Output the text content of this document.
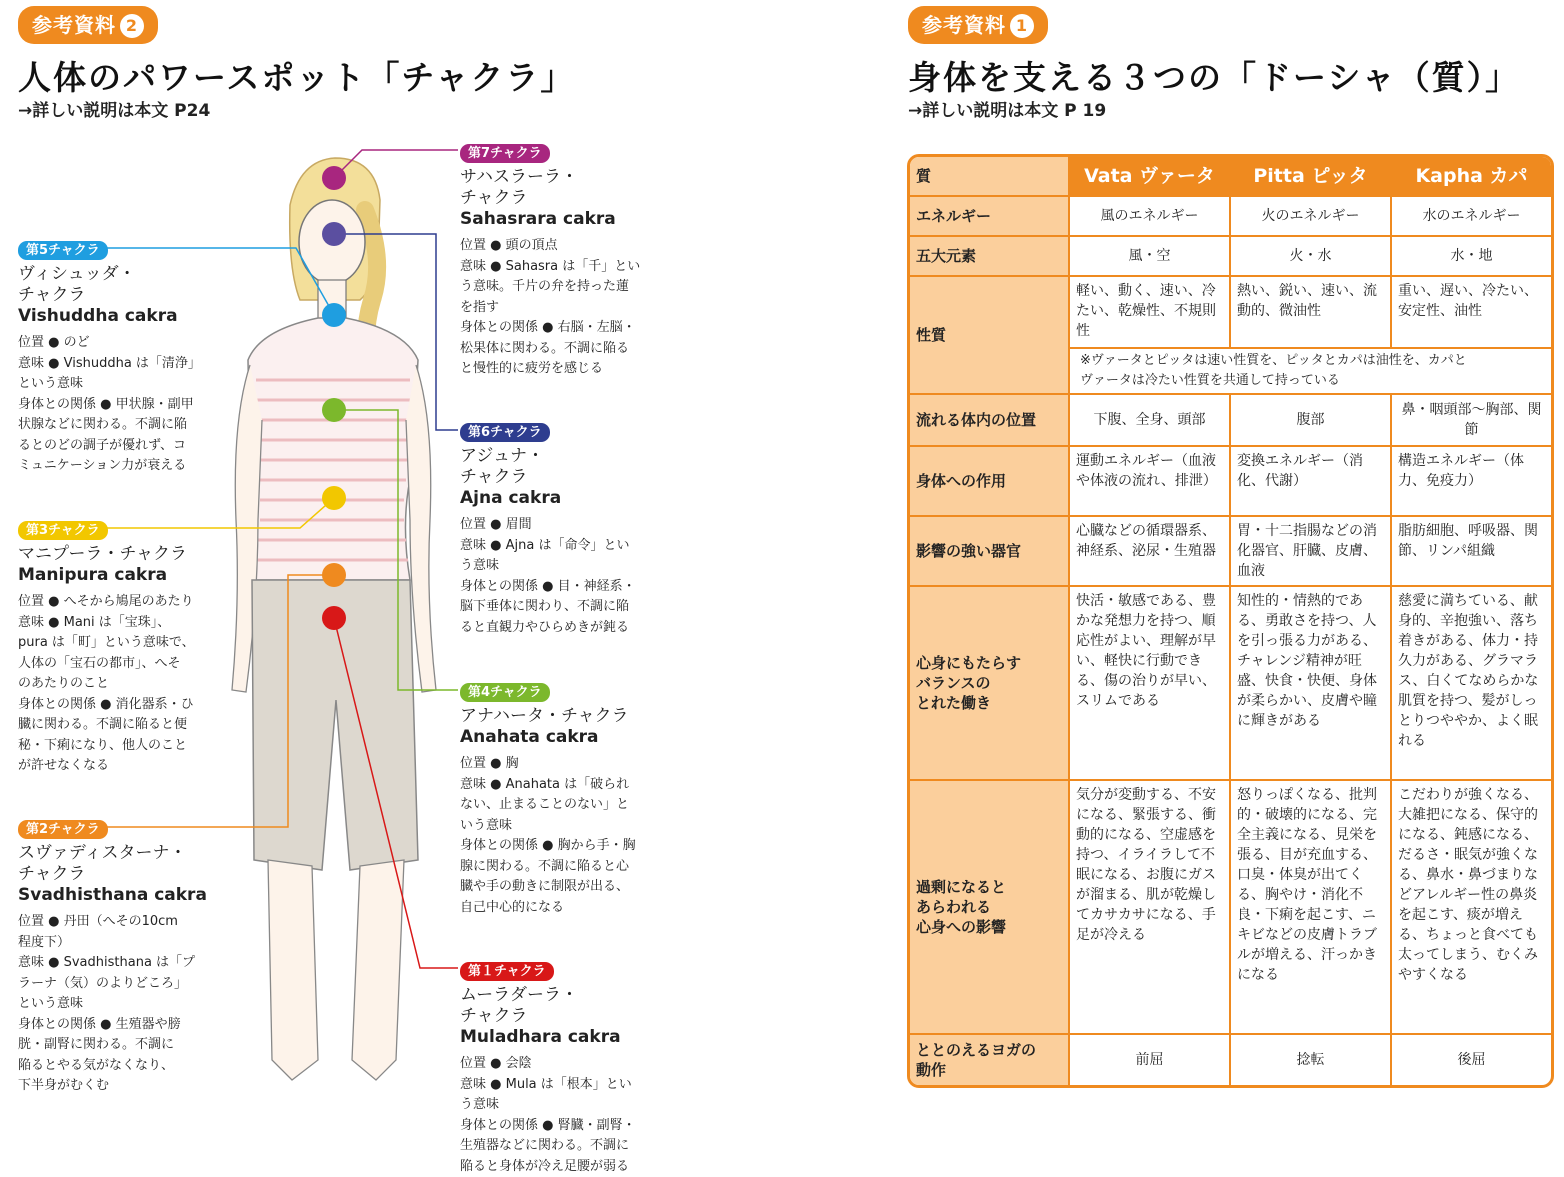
参考資料 2
人体のパワースポット「チャクラ」
→詳しい説明は本文 P24
第7チャクラ
サハスラーラ・
チャクラ
Sahasrara cakra
位置 ● 頭の頂点
意味 ● Sahasra は「千」とい
う意味。千片の弁を持った蓮
を指す
身体との関係 ● 右脳・左脳・
松果体に関わる。不調に陥る
と慢性的に疲労を感じる
第6チャクラ
アジュナ・
チャクラ
Ajna cakra
位置 ● 眉間
意味 ● Ajna は「命令」とい
う意味
身体との関係 ● 目・神経系・
脳下垂体に関わり、不調に陥
ると直観力やひらめきが鈍る
第5チャクラ
ヴィシュッダ・
チャクラ
Vishuddha cakra
位置 ● のど
意味 ● Vishuddha は「清浄」
という意味
身体との関係 ● 甲状腺・副甲
状腺などに関わる。不調に陥
るとのどの調子が優れず、コ
ミュニケーション力が衰える
第4チャクラ
アナハータ・チャクラ
Anahata cakra
位置 ● 胸
意味 ● Anahata は「破られ
ない、止まることのない」と
いう意味
身体との関係 ● 胸から手・胸
腺に関わる。不調に陥ると心
臓や手の動きに制限が出る、
自己中心的になる
第3チャクラ
マニプーラ・チャクラ
Manipura cakra
位置 ● へそから鳩尾のあたり
意味 ● Mani は「宝珠」、
pura は「町」という意味で、
人体の「宝石の都市」、へそ
のあたりのこと
身体との関係 ● 消化器系・ひ
臓に関わる。不調に陥ると便
秘・下痢になり、他人のこと
が許せなくなる
第2チャクラ
スヴァディスターナ・
チャクラ
Svadhisthana cakra
位置 ● 丹田（へその10cm
程度下）
意味 ● Svadhisthana は「プ
ラーナ（気）のよりどころ」
という意味
身体との関係 ● 生殖器や膀
胱・副腎に関わる。不調に
陥るとやる気がなくなり、
下半身がむくむ
第１チャクラ
ムーラダーラ・
チャクラ
Muladhara cakra
位置 ● 会陰
意味 ● Mula は「根本」とい
う意味
身体との関係 ● 腎臓・副腎・
生殖器などに関わる。不調に
陥ると身体が冷え足腰が弱る
参考資料 1
身体を支える３つの「ドーシャ（質）」
→詳しい説明は本文 P 19
質	Vata ヴァータ	Pitta ピッタ	Kapha カパ
エネルギー	風のエネルギー	火のエネルギー	水のエネルギー
五大元素	風・空	火・水	水・地
性質	軽い、動く、速い、冷たい、乾燥性、不規則性	熱い、鋭い、速い、流動的、微油性	重い、遅い、冷たい、安定性、油性
	※ヴァータとピッタは速い性質を、ピッタとカパは油性を、カパと
ヴァータは冷たい性質を共通して持っている		
流れる体内の位置	下腹、全身、頭部	腹部	鼻・咽頭部〜胸部、関節
身体への作用	運動エネルギー（血液や体液の流れ、排泄）	変換エネルギー（消化、代謝）	構造エネルギー（体力、免疫力）
影響の強い器官	心臓などの循環器系、神経系、泌尿・生殖器	胃・十二指腸などの消化器官、肝臓、皮膚、血液	脂肪細胞、呼吸器、関節、リンパ組織
心身にもたらす
バランスの
とれた働き	快活・敏感である、豊かな発想力を持つ、順応性がよい、理解が早い、軽快に行動できる、傷の治りが早い、スリムである	知性的・情熱的である、勇敢さを持つ、人を引っ張る力がある、チャレンジ精神が旺盛、快食・快便、身体が柔らかい、皮膚や瞳に輝きがある	慈愛に満ちている、献身的、辛抱強い、落ち着きがある、体力・持久力がある、グラマラス、白くてなめらかな肌質を持つ、髪がしっとりつややか、よく眠れる
過剰になると
あらわれる
心身への影響	気分が変動する、不安になる、緊張する、衝動的になる、空虚感を持つ、イライラして不眠になる、お腹にガスが溜まる、肌が乾燥してカサカサになる、手足が冷える	怒りっぽくなる、批判的・破壊的になる、完全主義になる、見栄を張る、目が充血する、口臭・体臭が出てくる、胸やけ・消化不良・下痢を起こす、ニキビなどの皮膚トラブルが増える、汗っかきになる	こだわりが強くなる、大雑把になる、保守的になる、鈍感になる、だるさ・眠気が強くなる、鼻水・鼻づまりなどアレルギー性の鼻炎を起こす、痰が増える、ちょっと食べても太ってしまう、むくみやすくなる
ととのえるヨガの
動作	前屈	捻転	後屈
